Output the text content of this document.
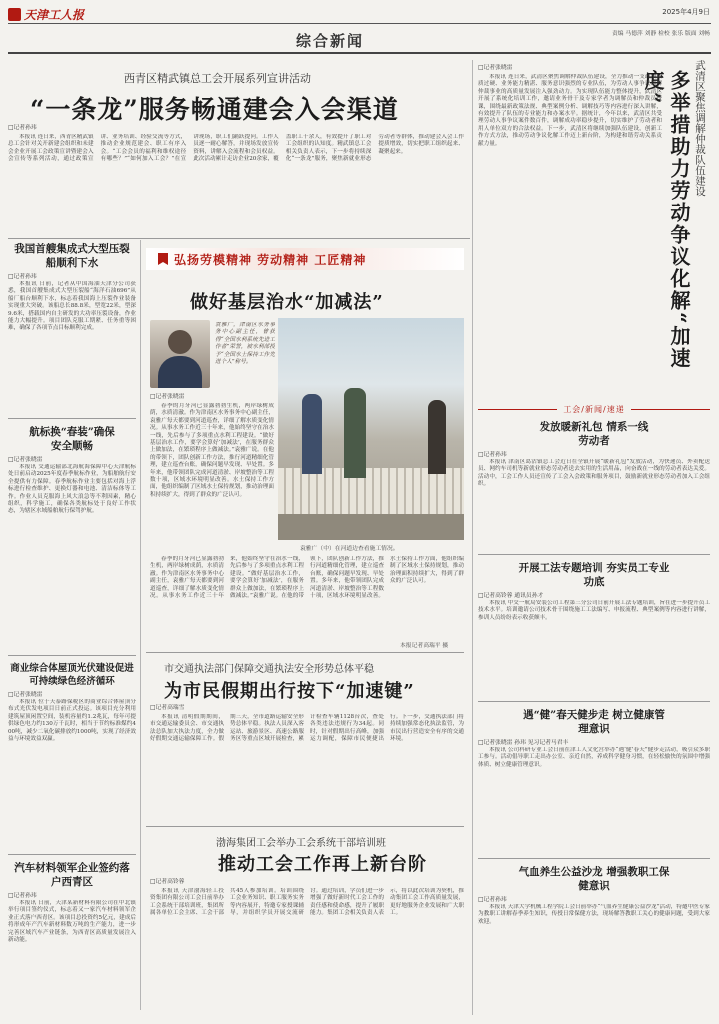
天津工人报	2025年4月9日
责编 马德萍 刘静 检校 张乐 版面 刘畅
综合新闻
西青区精武镇总工会开展系列宣讲活动
“一条龙”服务畅通建会入会渠道
□记者孙玮

本报讯 连日来，西青区精武镇总工会针对关开新建会组织和未建会企业开展工会政策宣讲暨建会入会宣传等系列活动，通过政策宣讲、业务培训、经验交流等方式，推动企业规范建会、职工有序入会。“工会会员的福利和维权途径有哪些？”“如何加入工会？”在宣讲现场，职工们踊跃提问。工作人员逐一耐心解答，并现场发放宣传资料，讲解入会流程和会员权益。此次活动累计走访企业20余家，覆盖职工千余人，有效提升了职工对工会组织的认知度。精武镇总工会相关负责人表示，下一步将持续深化“一条龙”服务，聚焦新就业形态劳动者等群体，推动建会入会工作提质增效，切实把职工组织起来、凝聚起来。

我国首艘集成式大型压裂船顺利下水
□记者孙玮

本报讯 日前，记者从中国海油天津分公司获悉，我国首艘集成式大型压裂船“海洋石油696”从船厂船台顺利下水，标志着我国海上压裂作业装备实现重大突破。该船总长88.8米，型宽22米，型深9.6米，搭载国内自主研发的大功率压裂设备，作业能力大幅提升。项目团队克服工期紧、任务重等困难，确保了各项节点目标顺利完成。

航标换“春装”确保安全顺畅
□记者张晓雷

本报讯 交通运输部北海航海保障中心天津航标处日前启动2025年度春季航标作业，为船舶航行安全提供有力保障。春季航标作业主要包括对海上浮标进行检查维护、更换灯器和电池、清洁标体等工作。作业人员克服海上风大浪急等不利因素，精心组织，科学施工，确保各类航标处于良好工作状态，为辖区水域船舶航行保驾护航。

商业综合体屋顶光伏建设促进可持续绿色经济循环
□记者张晓雷

本报讯 位于天泰路保税区的商业综合体屋顶分布式光伏发电项目日前正式投运。该项目充分利用建筑屋顶闲置空间，装机容量约1.2兆瓦，每年可提供绿色电力约130万千瓦时，相当于节约标准煤约400吨，减少二氧化碳排放约1000吨，实现了经济效益与环境效益双赢。

汽车材料领军企业签约落户西青区
□记者孙玮

本报讯 日前，天津某新材料有限公司在中北镇举行项目签约仪式，标志着又一家汽车材料领军企业正式落户西青区。该项目总投资约5亿元，建成后将形成年产汽车新材料数万吨的生产能力，进一步完善区域汽车产业链条，为西青区高质量发展注入新动能。

弘扬劳模精神 劳动精神 工匠精神
做好基层治水“加减法”
袁雅广，津南区水务事务中心副主任，曾获得“全国水利系统先进工作者”荣誉，被水利部授予“全国水土保持工作先进个人”称号。
袁雅广（中）在河道边查看施工情况。
□记者张晓雷

春季的月牙河已显露勃勃生机，两岸绿树成荫，水质清澈。作为津南区水务事务中心副主任，袁雅广每天都要到河道巡查，详细了解水质变化情况。从事水务工作近三十年来，他始终坚守在治水一线，先后参与了多项重点水利工程建设。“做好基层治水工作，要学会算好‘加减法’，在服务群众上做加法，在繁琐程序上做减法。”袁雅广说。在他的带领下，团队创新工作方法，推行河道精细化管理，建立巡查台账，确保问题早发现、早处置。多年来，他带领团队完成河道清淤、岸坡整治等工程数十项，区域水环境明显改善。水土保持工作方面，他组织编制了区域水土保持规划，推动治理面积持续扩大，得到了群众的广泛认可。

春季的月牙河已显露勃勃生机，两岸绿树成荫，水质清澈。作为津南区水务事务中心副主任，袁雅广每天都要到河道巡查，详细了解水质变化情况。从事水务工作近三十年来，他始终坚守在治水一线，先后参与了多项重点水利工程建设。“做好基层治水工作，要学会算好‘加减法’，在服务群众上做加法，在繁琐程序上做减法。”袁雅广说。在他的带领下，团队创新工作方法，推行河道精细化管理，建立巡查台账，确保问题早发现、早处置。多年来，他带领团队完成河道清淤、岸坡整治等工程数十项，区域水环境明显改善。水土保持工作方面，他组织编制了区域水土保持规划，推动治理面积持续扩大，得到了群众的广泛认可。

本报记者高瑞平 摄
市交通执法部门保障交通执法安全形势总体平稳
为市民假期出行按下“加速键”
□记者高瑞雪

本报讯 清明假期期间，市交通运输委员会、市交通执法总队加大执法力度，全力做好假期交通运输保障工作。假期三天，全市道路运输安全形势总体平稳。执法人员深入客运站、旅游景区、高速公路服务区等重点区域开展检查，累计检查车辆1128台次，查处各类违法违规行为34起。同时，针对假期出行高峰，加强运力调配，保障市民便捷出行。下一步，交通执法部门将持续加强常态化执法监管，为市民出行营造安全有序的交通环境。

渤海集团工会举办工会系统干部培训班
推动工会工作再上新台阶
□记者高铃蓉

本报讯 天津渤海轻工投资集团有限公司工会日前举办工会系统干部培训班，集团所属各单位工会主席、工会干部共45人参加培训。培训围绕工会业务知识、职工服务实务等内容展开，特邀专家授课辅导，并组织学员开展交流研讨。通过培训，学员们进一步增强了做好新时代工会工作的责任感和使命感，提升了履职能力。集团工会相关负责人表示，将以此次培训为契机，推动集团工会工作高质量发展，更好地服务企业发展和广大职工。

武清区聚焦调解仲裁队伍建设
多举措助力劳动争议化解“加速度”
□记者张晓雷

本报讯 连日来，武清区聚焦调解仲裁队伍建设，全力推动一支政治素质过硬、业务能力精湛、服务意识强烈的专业队伍，为劳动人事争议调解仲裁事业的高质量发展注入强劲动力。为实现队伍能力整体提升，武清区开展了系统化培训工作，邀请业务骨干及专家学者为调解员和仲裁员授课，围绕最新政策法规、典型案例分析、调解技巧等内容进行深入讲解，有效提升了队伍的专业能力和办案水平。据统计，今年以来，武清区共受理劳动人事争议案件数百件，调解成功率稳步提升，切实维护了劳动者和用人单位双方的合法权益。下一步，武清区将继续加强队伍建设，创新工作方式方法，推动劳动争议化解工作迈上新台阶，为构建和谐劳动关系贡献力量。

工会/新闻/速递
发放暖新礼包 情系一线劳动者
□记者孙玮

本报讯 津南区葛沽镇总工会近日在全镇开展“暖新礼包”发放活动，为快递员、外卖配送员、网约车司机等新就业形态劳动者送去实用的生活用品，向奋战在一线的劳动者表达关爱。活动中，工会工作人员还宣传了工会入会政策和服务项目，鼓励新就业形态劳动者加入工会组织。

开展工法专题培训 夯实员工专业功底
□记者高铃蓉 通讯员孙才

本报讯 中交一航局安装公司工程第三分公司日前开展工法专题培训，旨在进一步提升员工技术水平。培训邀请公司技术骨干围绕施工工法编写、申报流程、典型案例等内容进行讲解，参训人员纷纷表示收获颇丰。

遇“健”春天健步走 树立健康管理意识
□记者张晓雷 孙玮 见习记者马君丰

本报讯 公司科研专业工会日前在津工人文化宫举办“遇‘健’春天”健步走活动，吸引众多职工参与。活动倡导职工走出办公室、亲近自然，养成科学健身习惯，在轻松愉快的氛围中增强体质、树立健康管理意识。

气血养生公益沙龙 增强教职工保健意识
□记者孙玮

本报讯 天津大学机械工程学院工会日前举办“气血养生健康公益沙龙”活动，特邀中医专家为教职工讲解春季养生知识，传授日常保健方法，现场解答教职工关心的健康问题，受到大家欢迎。
